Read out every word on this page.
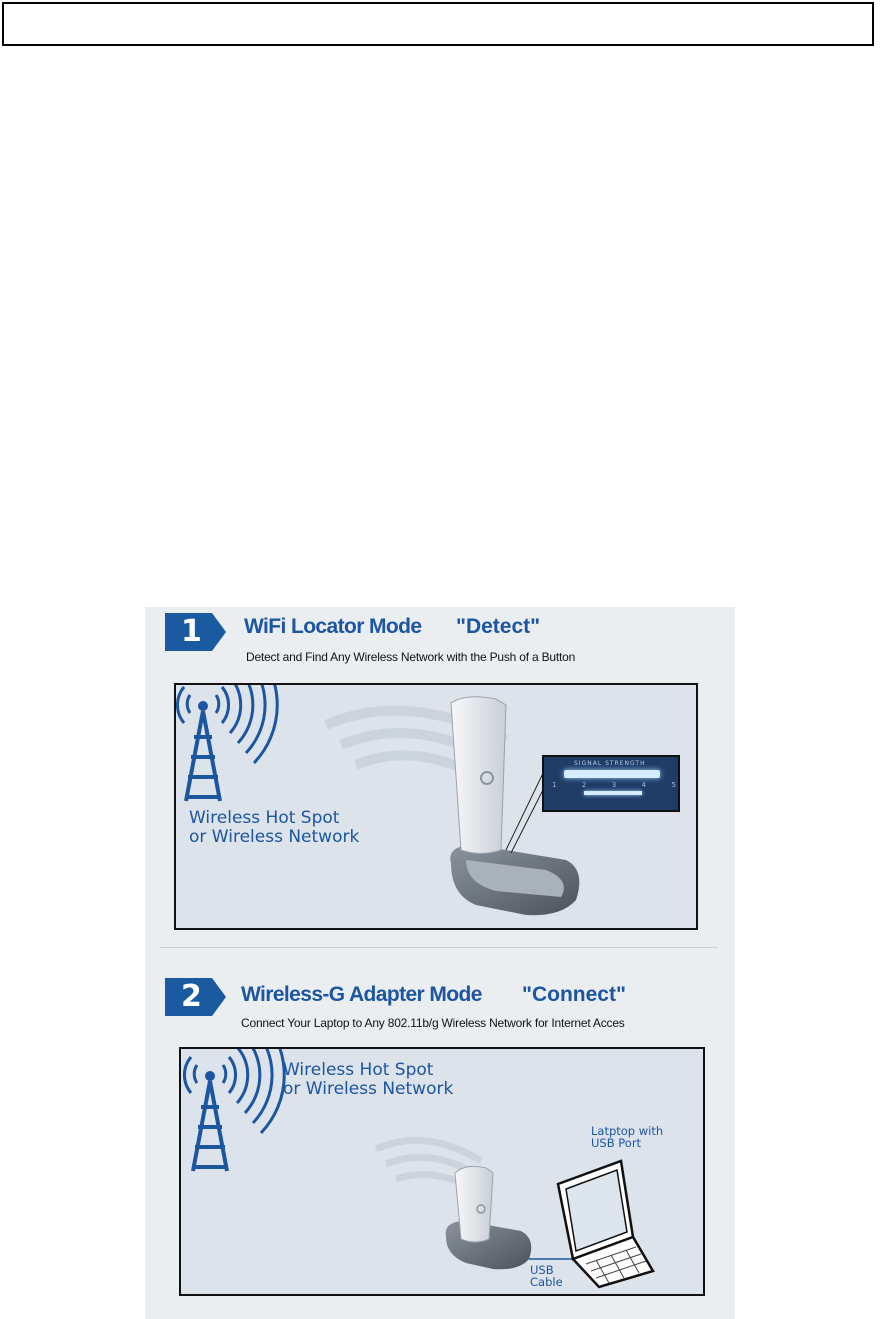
1	WiFi Locator Mode "Detect"
Detect and Find Any Wireless Network with the Push of a Button
Wireless Hot Spot
or Wireless Network
SIGNAL STRENGTH
1	2	3	4	5
2	Wireless-G Adapter Mode "Connect"
Connect Your Laptop to Any 802.11b/g Wireless Network for Internet Acces
Wireless Hot Spot
or Wireless Network
Latptop with
USB Port
USB
Cable
